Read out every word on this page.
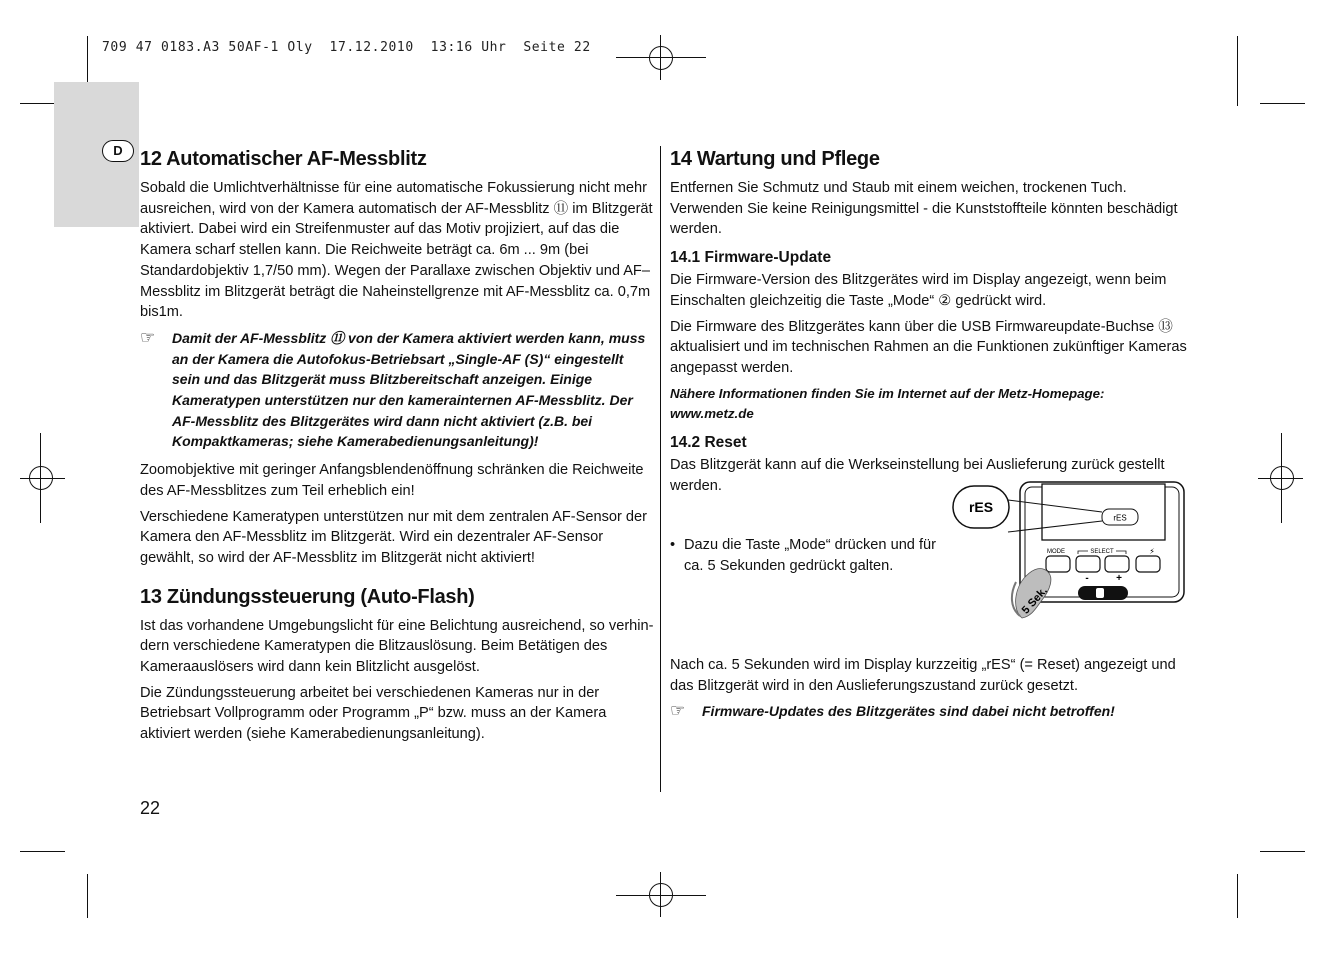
709 47 0183.A3 50AF-1 Oly  17.12.2010  13:16 Uhr  Seite 22
D 12 Automatischer AF-Messblitz

Sobald die Umlichtverhältnisse für eine automatische Fokussierung nicht mehr ausreichen, wird von der Kamera automatisch der AF-Messblitz ⑪ im Blitzgerät aktiviert. Dabei wird ein Streifenmuster auf das Motiv projiziert, auf das die Kamera scharf stellen kann. Die Reichweite beträgt ca. 6m ... 9m (bei Standardobjektiv 1,7/50 mm). Wegen der Parallaxe zwischen Objektiv und AF–Messblitz im Blitzgerät beträgt die Naheinstellgrenze mit AF-Messblitz ca. 0,7m bis1m.

☞	Damit der AF-Messblitz ⑪ von der Kamera aktiviert werden kann, muss an der Kamera die Autofokus-Betriebsart „Single-AF (S)“ eingestellt sein und das Blitzgerät muss Blitzbereitschaft anzeigen. Einige Kameratypen unterstützen nur den kamerainternen AF-Messblitz. Der AF-Messblitz des Blitzgerätes wird dann nicht aktiviert (z.B. bei Kompaktkameras; siehe Kamerabedienungsanleitung)!

Zoomobjektive mit geringer Anfangsblendenöffnung schränken die Reichweite des AF-Messblitzes zum Teil erheblich ein!

Verschiedene Kameratypen unterstützen nur mit dem zentralen AF-Sensor der Kamera den AF-Messblitz im Blitzgerät. Wird ein dezentraler AF-Sensor gewählt, so wird der AF-Messblitz im Blitzgerät nicht aktiviert!

13 Zündungssteuerung (Auto-Flash)

Ist das vorhandene Umgebungslicht für eine Belichtung ausreichend, so verhin- dern verschiedene Kameratypen die Blitzauslösung. Beim Betätigen des Kameraauslösers wird dann kein Blitzlicht ausgelöst.

Die Zündungssteuerung arbeitet bei verschiedenen Kameras nur in der Betriebsart Vollprogramm oder Programm „P“ bzw. muss an der Kamera aktiviert werden (siehe Kamerabedienungsanleitung).

14 Wartung und Pflege

Entfernen Sie Schmutz und Staub mit einem weichen, trockenen Tuch. Verwenden Sie keine Reinigungsmittel - die Kunststoffteile könnten beschädigt werden.

14.1 Firmware-Update

Die Firmware-Version des Blitzgerätes wird im Display angezeigt, wenn beim Einschalten gleichzeitig die Taste „Mode“ ② gedrückt wird.

Die Firmware des Blitzgerätes kann über die USB Firmwareupdate-Buchse ⑬ aktualisiert und im technischen Rahmen an die Funktionen zukünftiger Kameras angepasst werden.

Nähere Informationen finden Sie im Internet auf der Metz-Homepage: www.metz.de

14.2 Reset

Das Blitzgerät kann auf die Werkseinstellung bei Auslieferung zurück gestellt werden.

• Dazu die Taste „Mode“ drücken und für ca. 5 Sekunden gedrückt galten.

Nach ca. 5 Sekunden wird im Display kurzzeitig „rES“ (= Reset) angezeigt und das Blitzgerät wird in den Auslieferungszustand zurück gesetzt.

☞	Firmware-Updates des Blitzgerätes sind dabei nicht betroffen!
rES
rES
MODE	SELECT	⚡
-	+
5 Sek.
22
